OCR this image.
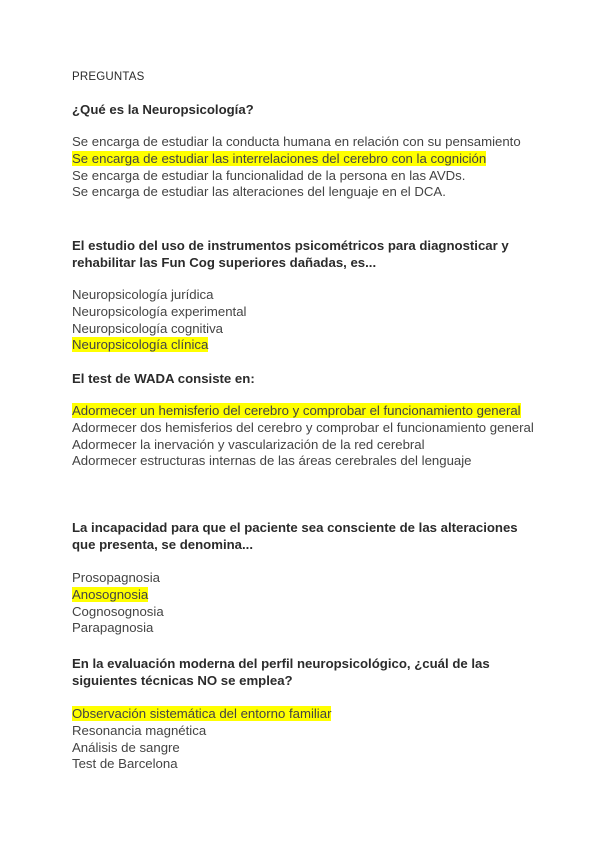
PREGUNTAS
¿Qué es la Neuropsicología?
Se encarga de estudiar la conducta humana en relación con su pensamiento
Se encarga de estudiar las interrelaciones del cerebro con la cognición
Se encarga de estudiar la funcionalidad de la persona en las AVDs.
Se encarga de estudiar las alteraciones del lenguaje en el DCA.
El estudio del uso de instrumentos psicométricos para diagnosticar y rehabilitar las Fun Cog superiores dañadas, es...
Neuropsicología jurídica
Neuropsicología experimental
Neuropsicología cognitiva
Neuropsicología clínica
El test de WADA consiste en:
Adormecer un hemisferio del cerebro y comprobar el funcionamiento general
Adormecer dos hemisferios del cerebro y comprobar el funcionamiento general
Adormecer la inervación y vascularización de la red cerebral
Adormecer estructuras internas de las áreas cerebrales del lenguaje
La incapacidad para que el paciente sea consciente de las alteraciones que presenta, se denomina...
Prosopagnosia
Anosognosia
Cognosognosia
Parapagnosia
En la evaluación moderna del perfil neuropsicológico, ¿cuál de las siguientes técnicas NO se emplea?
Observación sistemática del entorno familiar
Resonancia magnética
Análisis de sangre
Test de Barcelona
